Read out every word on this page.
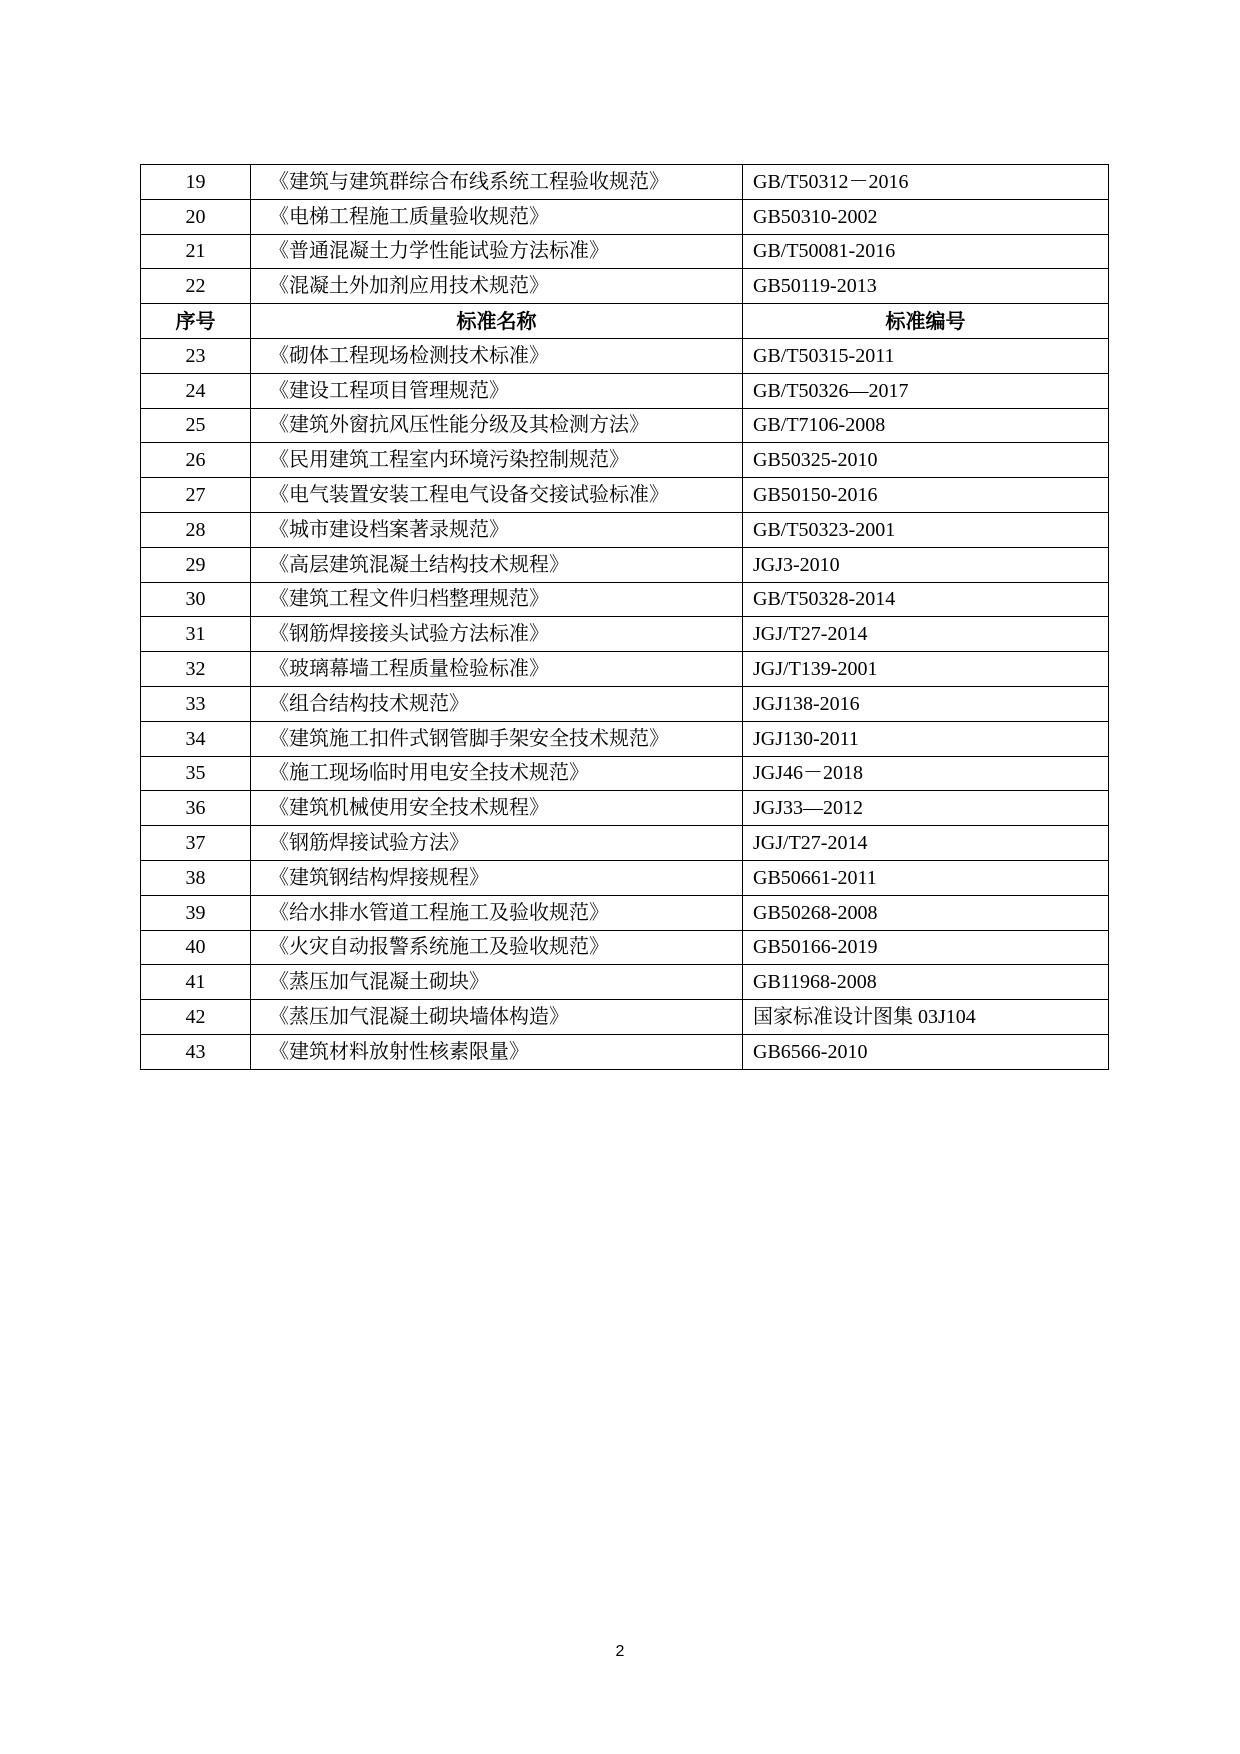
19	《建筑与建筑群综合布线系统工程验收规范》	GB/T50312－2016
20	《电梯工程施工质量验收规范》	GB50310-2002
21	《普通混凝土力学性能试验方法标准》	GB/T50081-2016
22	《混凝土外加剂应用技术规范》	GB50119-2013
序号	标准名称	标准编号
23	《砌体工程现场检测技术标准》	GB/T50315-2011
24	《建设工程项目管理规范》	GB/T50326—2017
25	《建筑外窗抗风压性能分级及其检测方法》	GB/T7106-2008
26	《民用建筑工程室内环境污染控制规范》	GB50325-2010
27	《电气装置安装工程电气设备交接试验标准》	GB50150-2016
28	《城市建设档案著录规范》	GB/T50323-2001
29	《高层建筑混凝土结构技术规程》	JGJ3-2010
30	《建筑工程文件归档整理规范》	GB/T50328-2014
31	《钢筋焊接接头试验方法标准》	JGJ/T27-2014
32	《玻璃幕墙工程质量检验标准》	JGJ/T139-2001
33	《组合结构技术规范》	JGJ138-2016
34	《建筑施工扣件式钢管脚手架安全技术规范》	JGJ130-2011
35	《施工现场临时用电安全技术规范》	JGJ46－2018
36	《建筑机械使用安全技术规程》	JGJ33—2012
37	《钢筋焊接试验方法》	JGJ/T27-2014
38	《建筑钢结构焊接规程》	GB50661-2011
39	《给水排水管道工程施工及验收规范》	GB50268-2008
40	《火灾自动报警系统施工及验收规范》	GB50166-2019
41	《蒸压加气混凝土砌块》	GB11968-2008
42	《蒸压加气混凝土砌块墙体构造》	国家标准设计图集 03J104
43	《建筑材料放射性核素限量》	GB6566-2010
2
